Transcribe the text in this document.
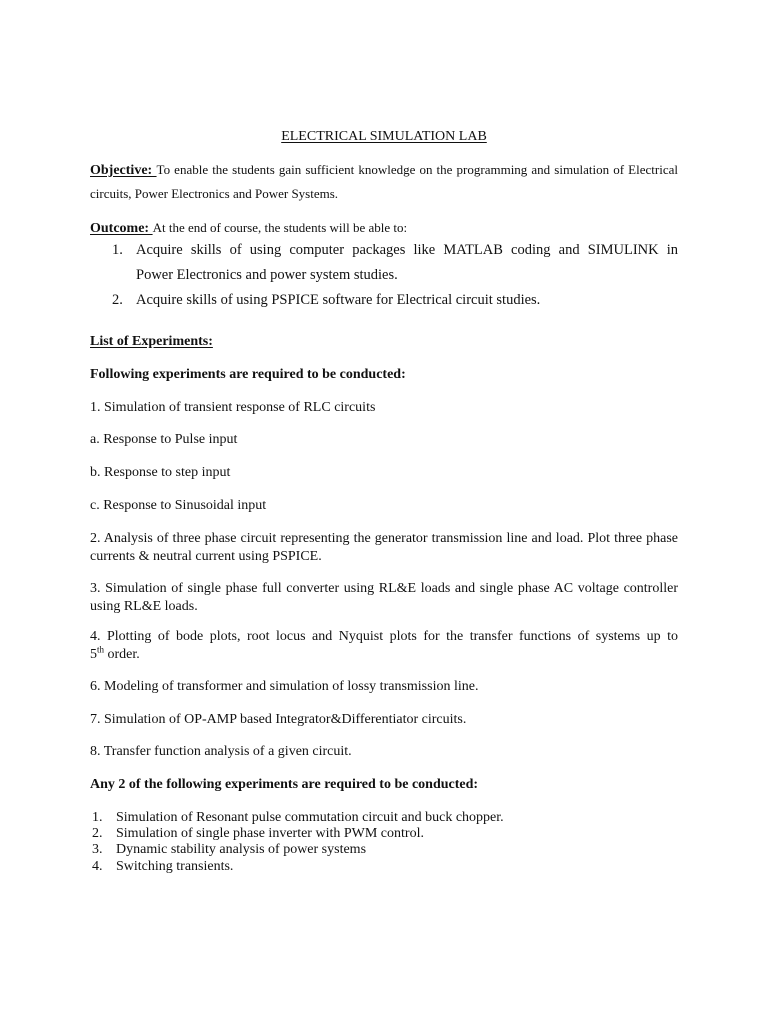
ELECTRICAL SIMULATION LAB

Objective: To enable the students gain sufficient knowledge on the programming and simulation of Electrical circuits, Power Electronics and Power Systems.

Outcome: At the end of course, the students will be able to:

1. Acquire skills of using computer packages like MATLAB coding and SIMULINK in
Power Electronics and power system studies.
2. Acquire skills of using PSPICE software for Electrical circuit studies.

List of Experiments:

Following experiments are required to be conducted:

1. Simulation of transient response of RLC circuits

a. Response to Pulse input

b. Response to step input

c. Response to Sinusoidal input

2. Analysis of three phase circuit representing the generator transmission line and load. Plot three phase currents & neutral current using PSPICE.

3. Simulation of single phase full converter using RL&E loads and single phase AC voltage controller using RL&E loads.

4. Plotting of bode plots, root locus and Nyquist plots for the transfer functions of systems up to
5th order.

6. Modeling of transformer and simulation of lossy transmission line.

7. Simulation of OP-AMP based Integrator&Differentiator circuits.

8. Transfer function analysis of a given circuit.

Any 2 of the following experiments are required to be conducted:

1. Simulation of Resonant pulse commutation circuit and buck chopper.
2. Simulation of single phase inverter with PWM control.
3. Dynamic stability analysis of power systems
4. Switching transients.
